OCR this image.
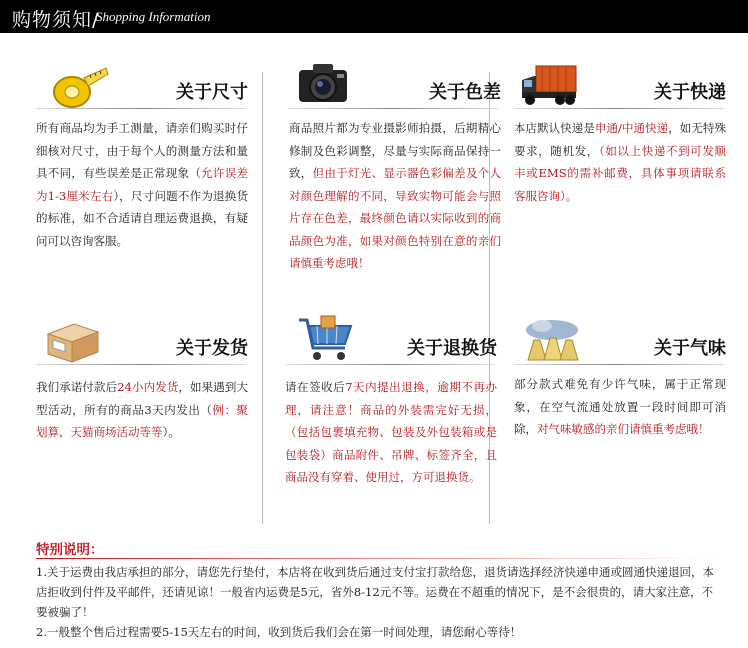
购物须知/
Shopping Information
关于尺寸
所有商品均为手工测量，请亲们购买时仔细核对尺寸，由于每个人的测量方法和量具不同，有些误差是正常现象（允许误差为1-3厘米左右），尺寸问题不作为退换货的标准，如不合适请自理运费退换，有疑问可以咨询客服。
关于色差
商品照片都为专业摄影师拍摄，后期精心修制及色彩调整，尽量与实际商品保持一致，但由于灯光、显示器色彩偏差及个人对颜色理解的不同，导致实物可能会与照片存在色差，最终颜色请以实际收到的商品颜色为准，如果对颜色特别在意的亲们请慎重考虑哦！
关于快递
本店默认快递是申通/中通快递，如无特殊要求，随机发，（如以上快递不到可发顺丰或EMS的需补邮费，具体事项请联系客服咨询）。
关于发货
我们承诺付款后24小内发货，如果遇到大型活动，所有的商品3天内发出（例：聚划算，天猫商场活动等等）。
关于退换货
请在签收后7天内提出退换，逾期不再办理，请注意！商品的外装需完好无损，（包括包裹填充物、包装及外包装箱或是包装袋）商品附件、吊牌、标签齐全，且商品没有穿着、使用过，方可退换货。
关于气味
部分款式难免有少许气味，属于正常现象，在空气流通处放置一段时间即可消除，对气味敏感的亲们请慎重考虑哦！
特别说明：

1.关于运费由我店承担的部分，请您先行垫付，本店将在收到货后通过支付宝打款给您，退货请选择经济快递申通或圆通快递退回，本店拒收到付件及平邮件，还请见谅！一般省内运费是5元，省外8-12元不等。运费在不超重的情况下，是不会很贵的，请大家注意，不要被骗了！

2.一般整个售后过程需要5-15天左右的时间，收到货后我们会在第一时间处理，请您耐心等待！
